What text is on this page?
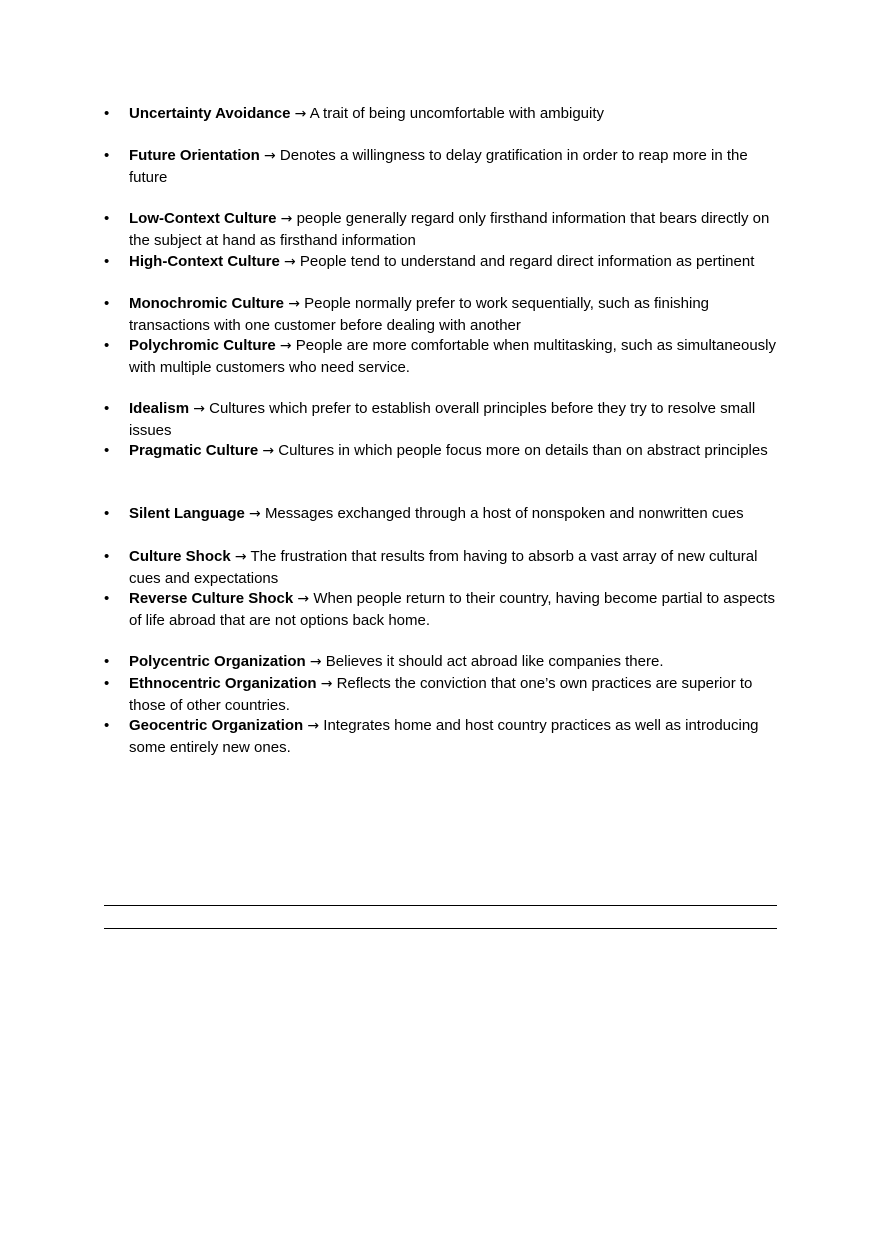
•	Uncertainty Avoidance → A trait of being uncomfortable with ambiguity
•	Future Orientation → Denotes a willingness to delay gratification in order to reap more in the future
•	Low-Context Culture → people generally regard only firsthand information that bears directly on the subject at hand as firsthand information
•	High-Context Culture → People tend to understand and regard direct information as pertinent
•	Monochromic Culture → People normally prefer to work sequentially, such as finishing transactions with one customer before dealing with another
•	Polychromic Culture → People are more comfortable when multitasking, such as simultaneously with multiple customers who need service.
•	Idealism → Cultures which prefer to establish overall principles before they try to resolve small issues
•	Pragmatic Culture → Cultures in which people focus more on details than on abstract principles
•	Silent Language → Messages exchanged through a host of nonspoken and nonwritten cues
•	Culture Shock → The frustration that results from having to absorb a vast array of new cultural cues and expectations
•	Reverse Culture Shock → When people return to their country, having become partial to aspects of life abroad that are not options back home.
•	Polycentric Organization → Believes it should act abroad like companies there.
•	Ethnocentric Organization → Reflects the conviction that one’s own practices are superior to those of other countries.
•	Geocentric Organization → Integrates home and host country practices as well as introducing some entirely new ones.
